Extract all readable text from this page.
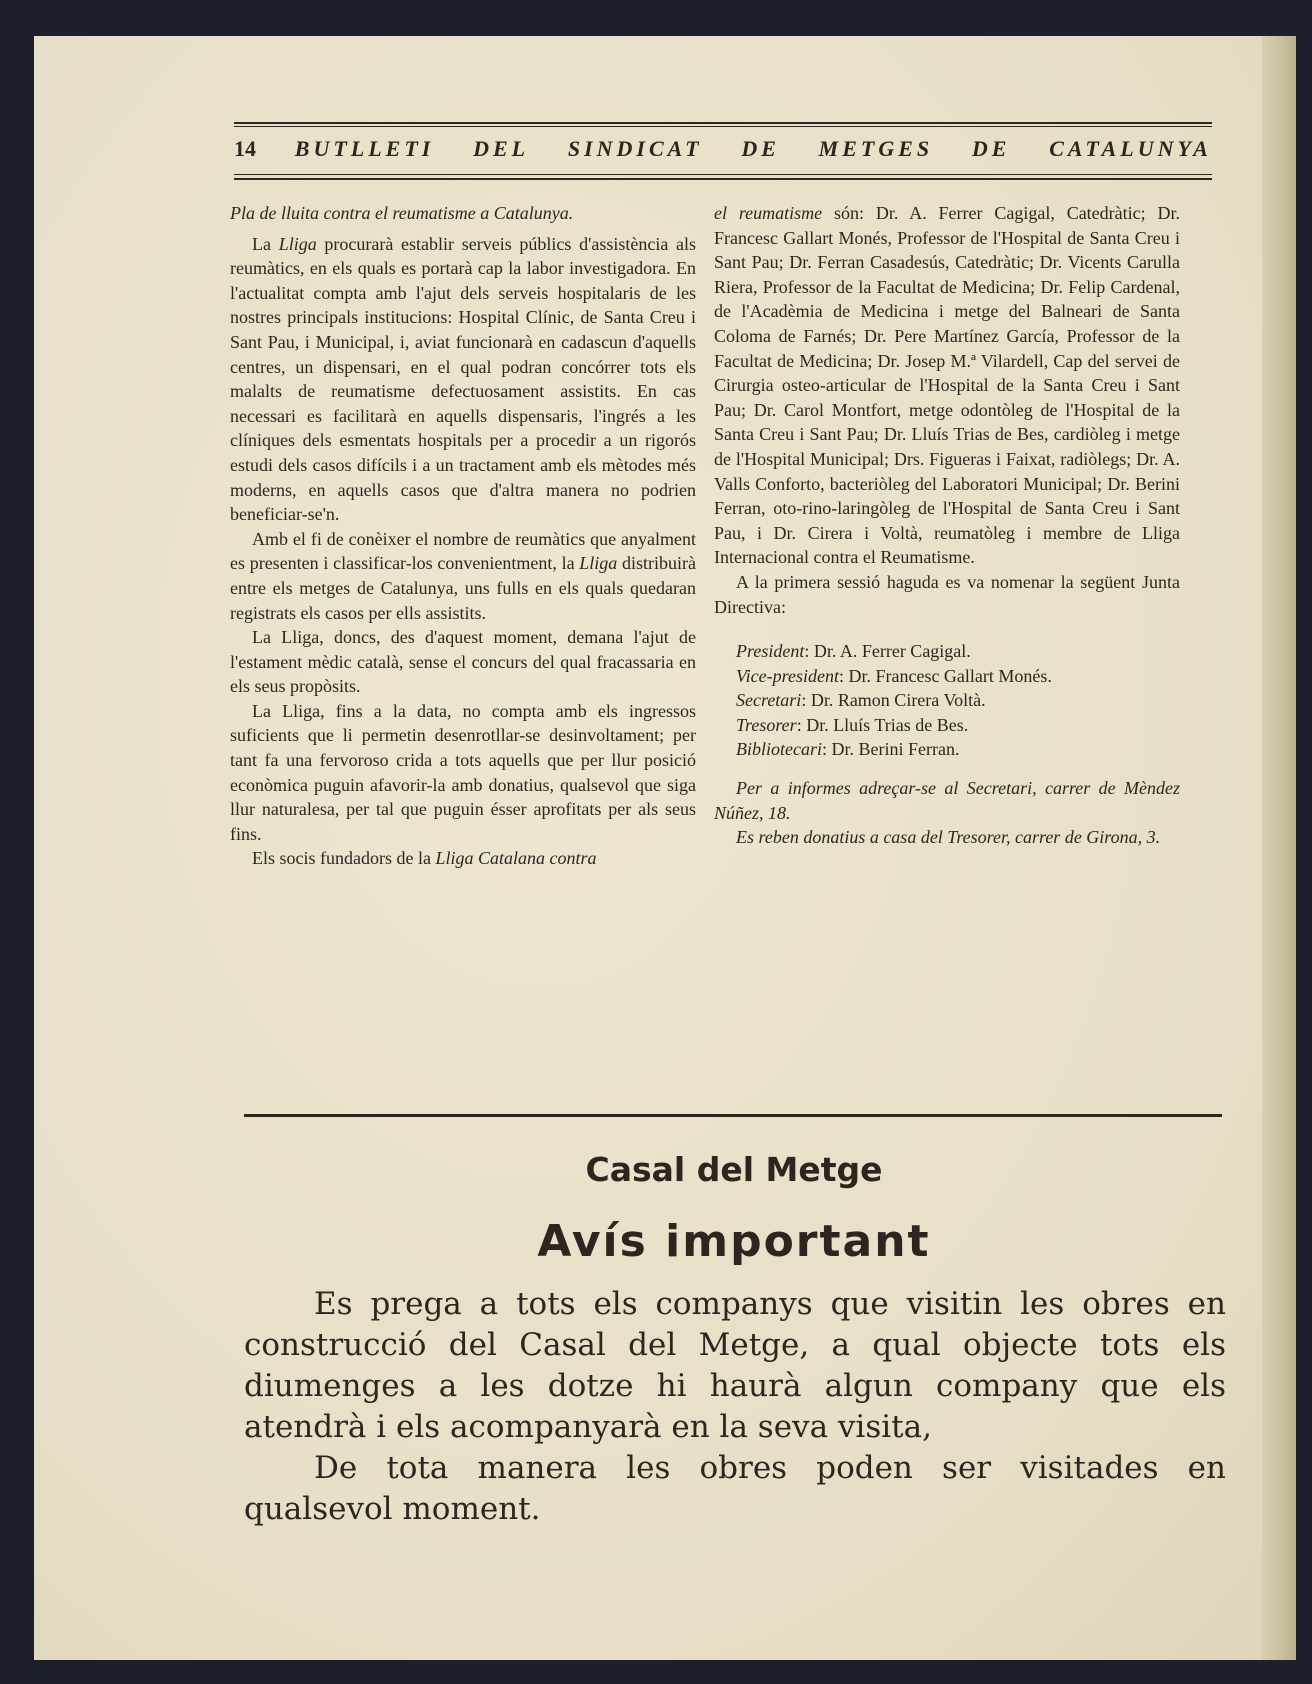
14 BUTLLETI DEL SINDICAT DE METGES DE CATALUNYA

Pla de lluita contra el reumatisme a Catalunya.

La Lliga procurarà establir serveis públics d'assistència als reumàtics, en els quals es portarà cap la labor investigadora. En l'actualitat compta amb l'ajut dels serveis hospitalaris de les nostres principals institucions: Hospital Clínic, de Santa Creu i Sant Pau, i Municipal, i, aviat funcionarà en cadascun d'aquells centres, un dispensari, en el qual podran concórrer tots els malalts de reumatisme defectuosament assistits. En cas necessari es facilitarà en aquells dispensaris, l'ingrés a les clíniques dels esmentats hospitals per a procedir a un rigorós estudi dels casos difícils i a un tractament amb els mètodes més moderns, en aquells casos que d'altra manera no podrien beneficiar-se'n.

Amb el fi de conèixer el nombre de reumàtics que anyalment es presenten i classificar-los convenientment, la Lliga distribuirà entre els metges de Catalunya, uns fulls en els quals quedaran registrats els casos per ells assistits.

La Lliga, doncs, des d'aquest moment, demana l'ajut de l'estament mèdic català, sense el concurs del qual fracassaria en els seus propòsits.

La Lliga, fins a la data, no compta amb els ingressos suficients que li permetin desenrotllar-se desinvoltament; per tant fa una fervoroso crida a tots aquells que per llur posició econòmica puguin afavorir-la amb donatius, qualsevol que siga llur naturalesa, per tal que puguin ésser aprofitats per als seus fins.

Els socis fundadors de la Lliga Catalana contra

el reumatisme són: Dr. A. Ferrer Cagigal, Catedràtic; Dr. Francesc Gallart Monés, Professor de l'Hospital de Santa Creu i Sant Pau; Dr. Ferran Casadesús, Catedràtic; Dr. Vicents Carulla Riera, Professor de la Facultat de Medicina; Dr. Felip Cardenal, de l'Acadèmia de Medicina i metge del Balneari de Santa Coloma de Farnés; Dr. Pere Martínez García, Professor de la Facultat de Medicina; Dr. Josep M.ª Vilardell, Cap del servei de Cirurgia osteo-articular de l'Hospital de la Santa Creu i Sant Pau; Dr. Carol Montfort, metge odontòleg de l'Hospital de la Santa Creu i Sant Pau; Dr. Lluís Trias de Bes, cardiòleg i metge de l'Hospital Municipal; Drs. Figueras i Faixat, radiòlegs; Dr. A. Valls Conforto, bacteriòleg del Laboratori Municipal; Dr. Berini Ferran, oto-rino-laringòleg de l'Hospital de Santa Creu i Sant Pau, i Dr. Cirera i Voltà, reumatòleg i membre de Lliga Internacional contra el Reumatisme.

A la primera sessió haguda es va nomenar la següent Junta Directiva:

President: Dr. A. Ferrer Cagigal.
Vice-president: Dr. Francesc Gallart Monés.
Secretari: Dr. Ramon Cirera Voltà.
Tresorer: Dr. Lluís Trias de Bes.
Bibliotecari: Dr. Berini Ferran.

Per a informes adreçar-se al Secretari, carrer de Mèndez Núñez, 18.

Es reben donatius a casa del Tresorer, carrer de Girona, 3.

Casal del Metge
Avís important

Es prega a tots els companys que visitin les obres en construcció del Casal del Metge, a qual objecte tots els diumenges a les dotze hi haurà algun company que els atendrà i els acompanyarà en la seva visita,

De tota manera les obres poden ser visitades en qualsevol moment.
